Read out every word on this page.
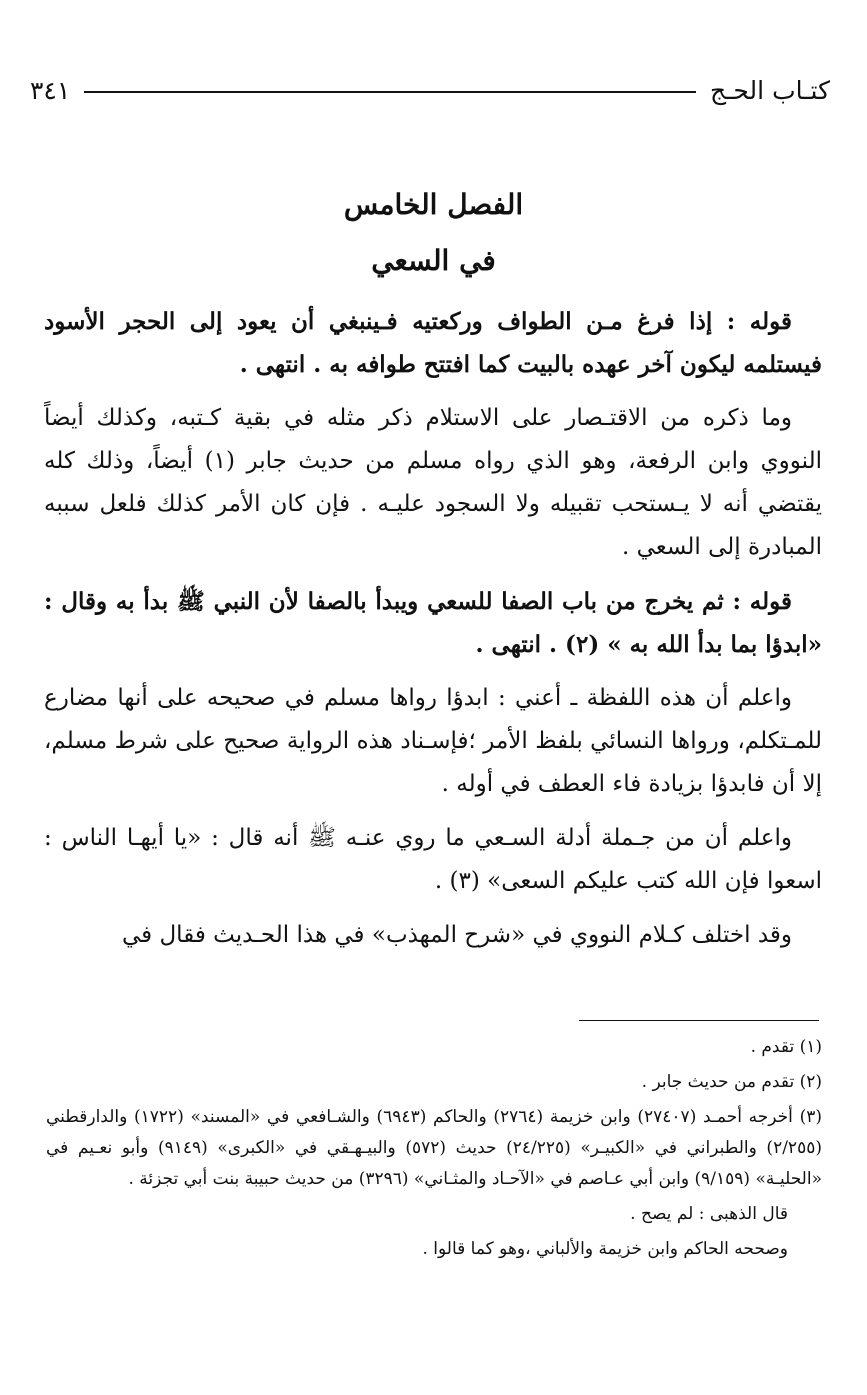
كتـاب الحـج
٣٤١
الفصل الخامس
في السعي

قوله : إذا فرغ مـن الطواف وركعتيه فـينبغي أن يعود إلى الحجر الأسود فيستلمه ليكون آخر عهده بالبيت كما افتتح طوافه به . انتهى .

وما ذكره من الاقتـصار على الاستلام ذكر مثله في بقية كـتبه، وكذلك أيضاً النووي وابن الرفعة، وهو الذي رواه مسلم من حديث جابر (١) أيضاً، وذلك كله يقتضي أنه لا يـستحب تقبيله ولا السجود عليـه . فإن كان الأمر كذلك فلعل سببه المبادرة إلى السعي .

قوله : ثم يخرج من باب الصفا للسعي ويبدأ بالصفا لأن النبي ﷺ بدأ به وقال : «ابدؤا بما بدأ الله به » (٢) . انتهى .

واعلم أن هذه اللفظة ـ أعني : ابدؤا رواها مسلم في صحيحه على أنها مضارع للمـتكلم، ورواها النسائي بلفظ الأمر ؛فإسـناد هذه الرواية صحيح على شرط مسلم، إلا أن فابدؤا بزيادة فاء العطف في أوله .

واعلم أن من جـملة أدلة السـعي ما روي عنـه ﷺ أنه قال : «يا أيهـا الناس : اسعوا فإن الله كتب عليكم السعى» (٣) .

وقد اختلف كـلام النووي في «شرح المهذب» في هذا الحـديث فقال في

(١) تقدم .

(٢) تقدم من حديث جابر .

(٣) أخرجه أحمـد (٢٧٤٠٧) وابن خزيمة (٢٧٦٤) والحاكم (٦٩٤٣) والشـافعي في «المسند» (١٧٢٢) والدارقطني (٢/٢٥٥) والطبراني في «الكبيـر» (٢٤/٢٢٥) حديث (٥٧٢) والبيـهـقي في «الكبرى» (٩١٤٩) وأبو نعـيم في «الحليـة» (٩/١٥٩) وابن أبي عـاصم في «الآحـاد والمثـاني» (٣٢٩٦) من حديث حبيبة بنت أبي تجزئة .

قال الذهبى : لم يصح .

وصححه الحاكم وابن خزيمة والألباني ،وهو كما قالوا .
